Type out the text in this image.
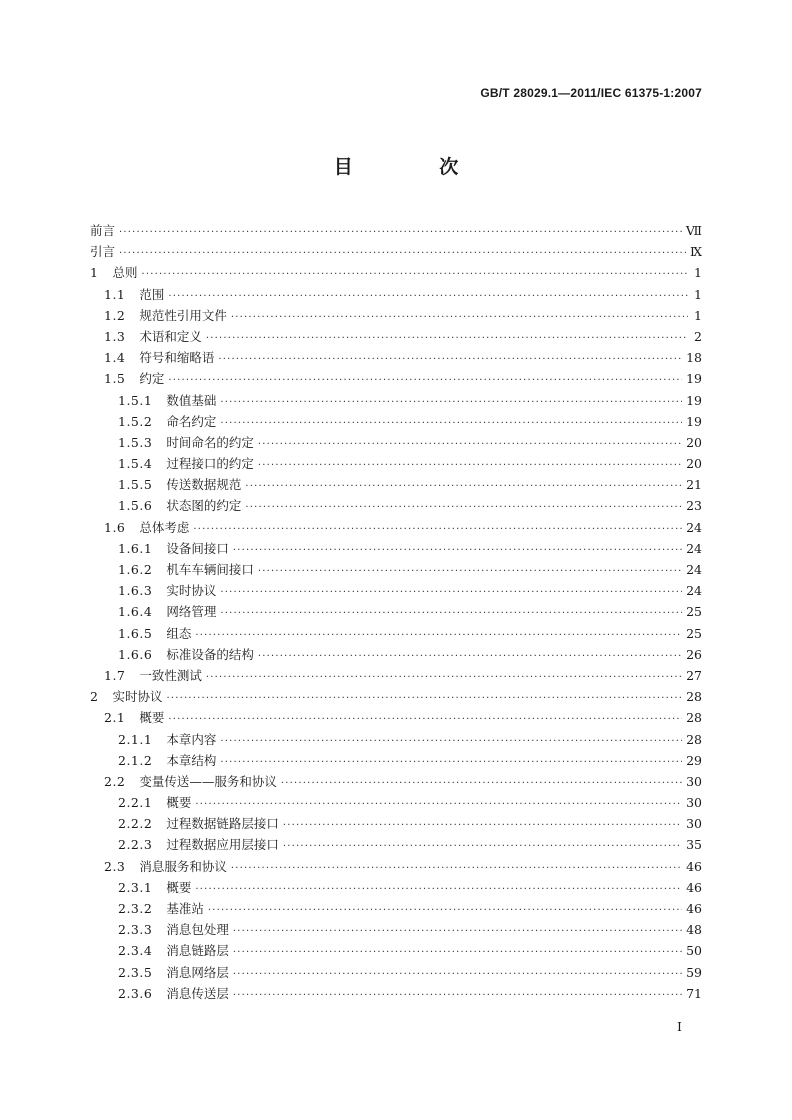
GB/T 28029.1—2011/IEC 61375-1:2007
目 次
前言 ·····	Ⅶ
引言 ·····	Ⅸ
1 总则 ·····	1
1.1 范围 ·····	1
1.2 规范性引用文件 ·····	1
1.3 术语和定义 ·····	2
1.4 符号和缩略语 ·····	18
1.5 约定 ·····	19
1.5.1 数值基础 ·····	19
1.5.2 命名约定 ·····	19
1.5.3 时间命名的约定 ·····	20
1.5.4 过程接口的约定 ·····	20
1.5.5 传送数据规范 ·····	21
1.5.6 状态图的约定 ·····	23
1.6 总体考虑 ·····	24
1.6.1 设备间接口 ·····	24
1.6.2 机车车辆间接口 ·····	24
1.6.3 实时协议 ·····	24
1.6.4 网络管理 ·····	25
1.6.5 组态 ·····	25
1.6.6 标准设备的结构 ·····	26
1.7 一致性测试 ·····	27
2 实时协议 ·····	28
2.1 概要 ·····	28
2.1.1 本章内容 ·····	28
2.1.2 本章结构 ·····	29
2.2 变量传送——服务和协议 ·····	30
2.2.1 概要 ·····	30
2.2.2 过程数据链路层接口 ·····	30
2.2.3 过程数据应用层接口 ·····	35
2.3 消息服务和协议 ·····	46
2.3.1 概要 ·····	46
2.3.2 基准站 ·····	46
2.3.3 消息包处理 ·····	48
2.3.4 消息链路层 ·····	50
2.3.5 消息网络层 ·····	59
2.3.6 消息传送层 ·····	71
I
